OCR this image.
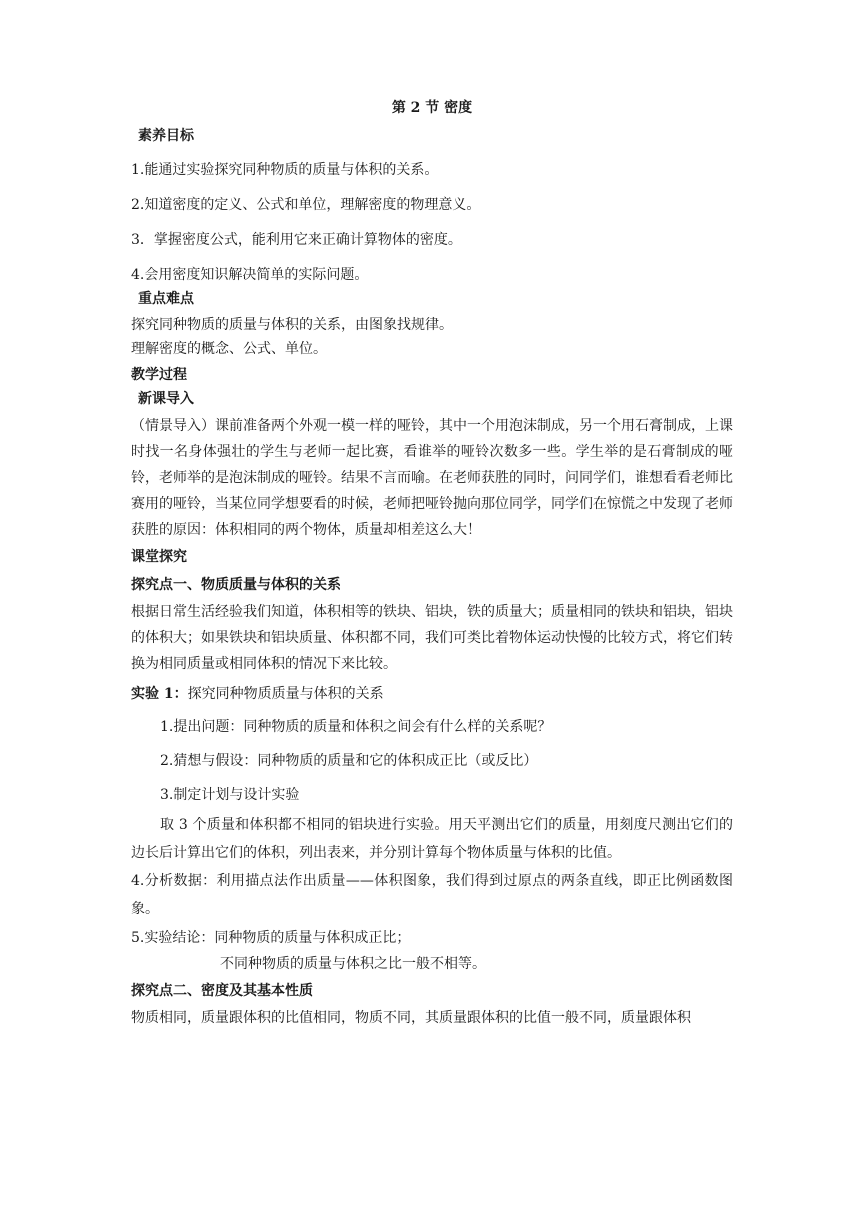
第 2 节 密度
素养目标

1.能通过实验探究同种物质的质量与体积的关系。

2.知道密度的定义、公式和单位，理解密度的物理意义。

3．掌握密度公式，能利用它来正确计算物体的密度。

4.会用密度知识解决简单的实际问题。

重点难点

探究同种物质的质量与体积的关系，由图象找规律。

理解密度的概念、公式、单位。

教学过程
新课导入

（情景导入）课前准备两个外观一模一样的哑铃，其中一个用泡沫制成，另一个用石膏制成，上课时找一名身体强壮的学生与老师一起比赛，看谁举的哑铃次数多一些。学生举的是石膏制成的哑铃，老师举的是泡沫制成的哑铃。结果不言而喻。在老师获胜的同时，问同学们，谁想看看老师比赛用的哑铃，当某位同学想要看的时候，老师把哑铃抛向那位同学，同学们在惊慌之中发现了老师获胜的原因：体积相同的两个物体，质量却相差这么大！

课堂探究
探究点一、物质质量与体积的关系

根据日常生活经验我们知道，体积相等的铁块、铝块，铁的质量大；质量相同的铁块和铝块，铝块的体积大；如果铁块和铝块质量、体积都不同，我们可类比着物体运动快慢的比较方式，将它们转换为相同质量或相同体积的情况下来比较。

实验 1：探究同种物质质量与体积的关系

1.提出问题：同种物质的质量和体积之间会有什么样的关系呢？

2.猜想与假设：同种物质的质量和它的体积成正比（或反比）

3.制定计划与设计实验

取 3 个质量和体积都不相同的铝块进行实验。用天平测出它们的质量，用刻度尺测出它们的边长后计算出它们的体积，列出表来，并分别计算每个物体质量与体积的比值。

4.分析数据：利用描点法作出质量——体积图象，我们得到过原点的两条直线，即正比例函数图象。

5.实验结论：同种物质的质量与体积成正比；

不同种物质的质量与体积之比一般不相等。

探究点二、密度及其基本性质

物质相同，质量跟体积的比值相同，物质不同，其质量跟体积的比值一般不同，质量跟体积
